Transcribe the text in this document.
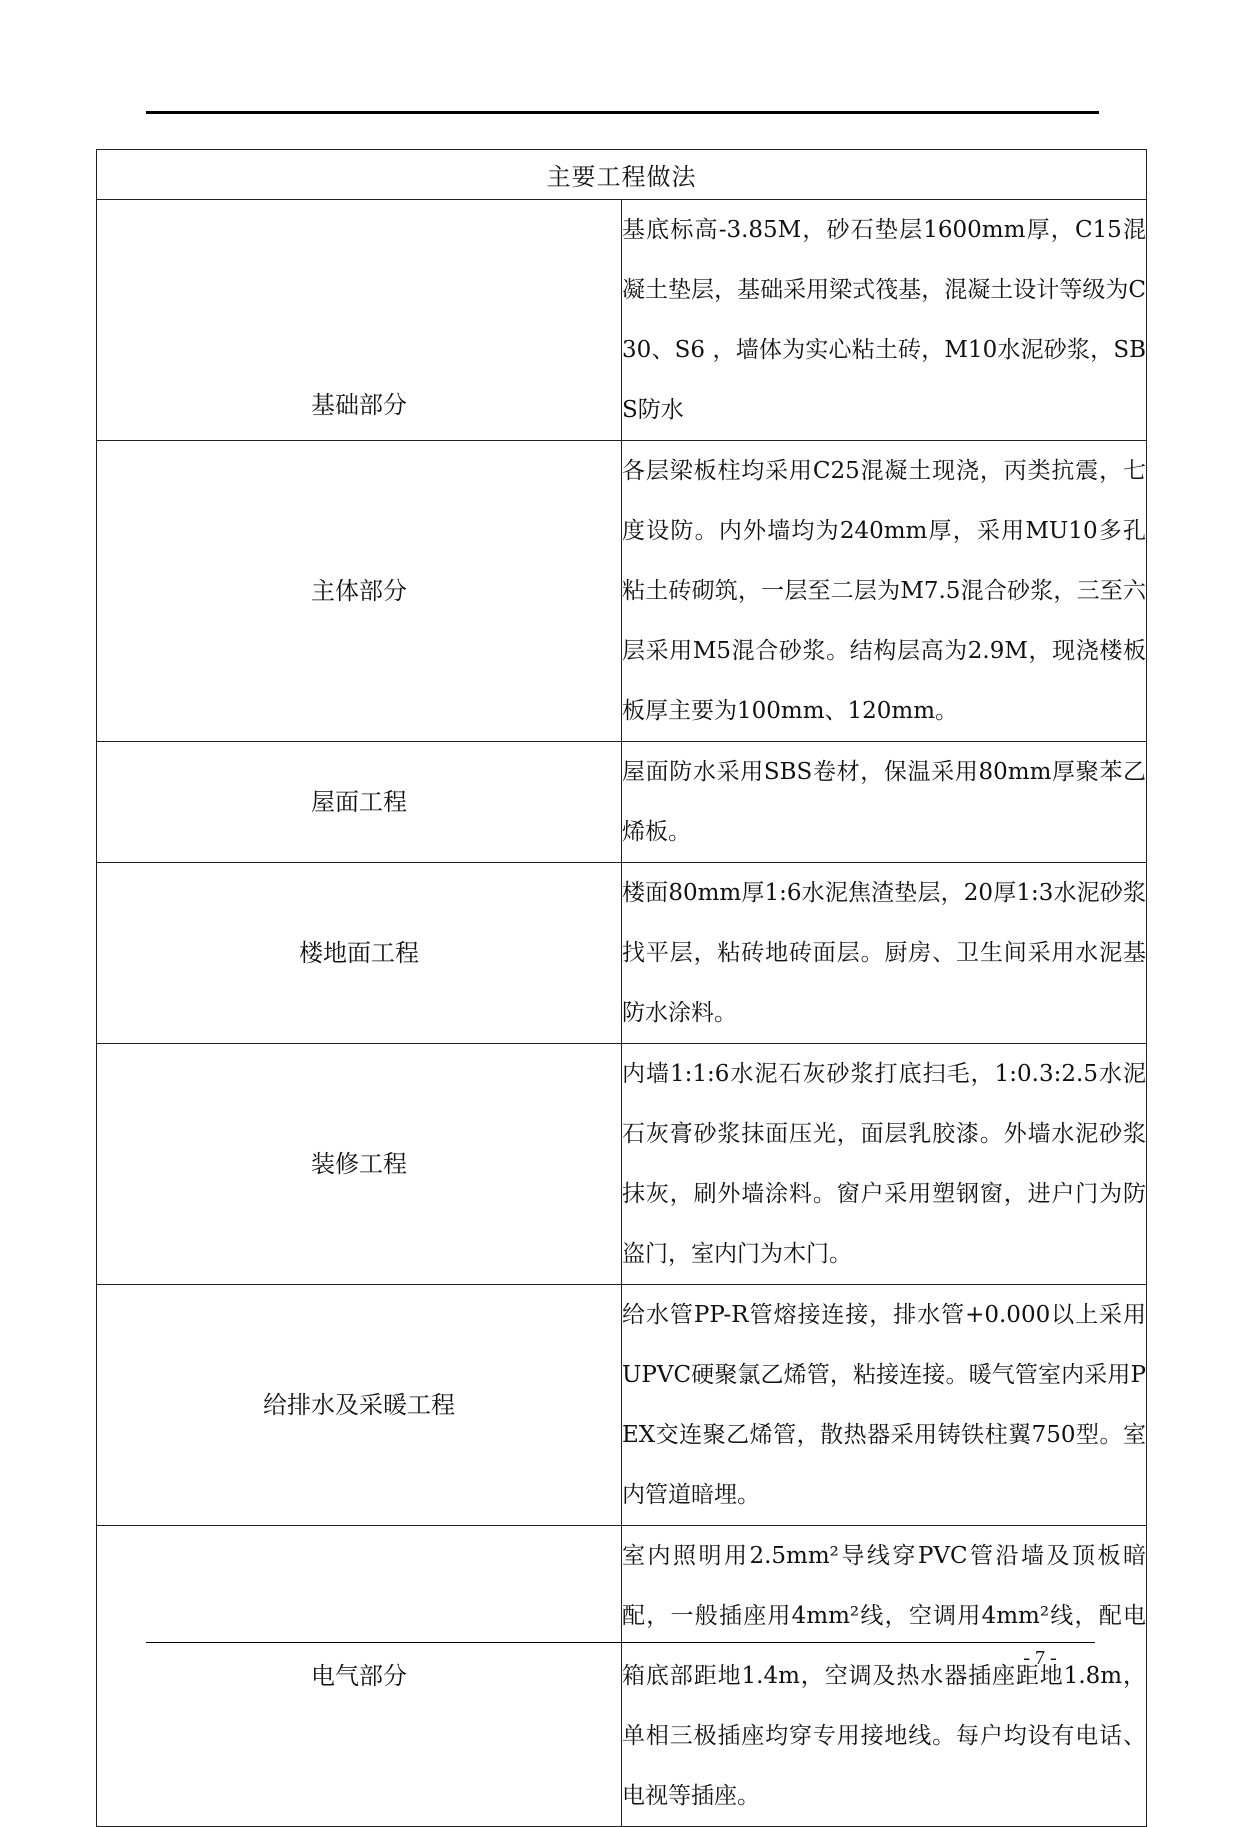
主要工程做法	
基础部分	基底标高-3.85M，砂石垫层1600mm厚，C15混凝土垫层，基础采用梁式筏基，混凝土设计等级为C30、S6 ，墙体为实心粘土砖，M10水泥砂浆，SBS防水
主体部分	各层梁板柱均采用C25混凝土现浇，丙类抗震，七度设防。内外墙均为240mm厚，采用MU10多孔粘土砖砌筑，一层至二层为M7.5混合砂浆，三至六层采用M5混合砂浆。结构层高为2.9M，现浇楼板板厚主要为100mm、120mm。
屋面工程	屋面防水采用SBS卷材，保温采用80mm厚聚苯乙烯板。
楼地面工程	楼面80mm厚1:6水泥焦渣垫层，20厚1:3水泥砂浆找平层，粘砖地砖面层。厨房、卫生间采用水泥基防水涂料。
装修工程	内墙1:1:6水泥石灰砂浆打底扫毛，1:0.3:2.5水泥石灰膏砂浆抹面压光，面层乳胶漆。外墙水泥砂浆抹灰，刷外墙涂料。窗户采用塑钢窗，进户门为防盗门，室内门为木门。
给排水及采暖工程	给水管PP-R管熔接连接，排水管+0.000以上采用UPVC硬聚氯乙烯管，粘接连接。暖气管室内采用PEX交连聚乙烯管，散热器采用铸铁柱翼750型。室内管道暗埋。
电气部分	室内照明用2.5mm²导线穿PVC管沿墙及顶板暗配，一般插座用4mm²线，空调用4mm²线，配电箱底部距地1.4m，空调及热水器插座距地1.8m，单相三极插座均穿专用接地线。每户均设有电话、电视等插座。
- 7 -
